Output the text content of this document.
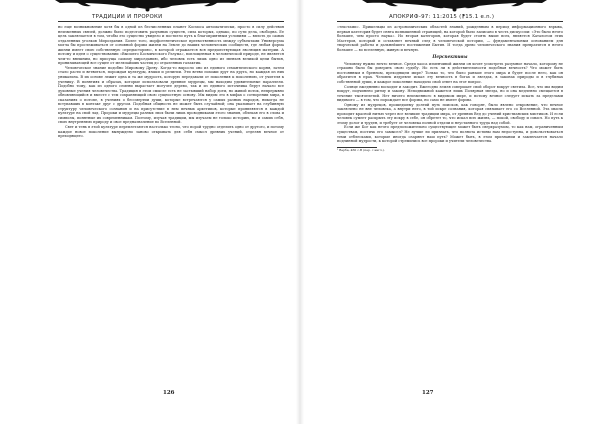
ТРАДИЦИИ И ПРОРОКИ

но еще возникновение хотя бы в одной из бесчисленных планет Космоса автоматически, просто в силу действия неизменных связей, должно было подготовить разумных существ, сила которых, однако, по сути дела, свободна. Ее цель заключается в том, чтобы это существо увидело и постигло путь к благоприятным условиям — вплоть до самых отдаленных уголков Мироздания. Более того, морфогенетическое преемственность между субъектами Универсума могла бы прослеживаться от основной формы жизни на Земле до наших человеческих сообществ, где любая форма жизни имеет свою собственную «предысторию», в которой отражается вся предшествующая эволюция материи. А потому и идея о существовании «Высшего Космического Разума», воплощенная в человеческой природе, не является чем-то внешним, но присуща самому мирозданию, ибо человек есть лишь одно из звеньев великой цепи бытия, пронизывающей все сущее от мельчайших частиц до отдаленных галактик.

Человеческое знание подобно Мировому Древу. Когда-то выросло оно из единого семантического корня, затем стало расти и ветвиться, порождая культуры, языки и религии. Эти ветви похожи друг на друга, но каждая из них уникальна. В их основе лежит одна и та же мудрость, которую передавали от поколения к поколению, от учителя к ученику. В понятиях и образах, которые использовали древние мудрецы, мы находим удивительные параллели. Подобно тому, как из одного семени вырастает могучее дерево, так и из единого источника берут начало все духовные учения человечества. Традиция в этом смысле есть не застывший набор догм, но живой поток, непрерывно обновляющийся и вместе с тем сохраняющий свою сущностную основу. Мы видим это в мифах о сотворении мира, в сказаниях о потопе, в учениях о бессмертии души, которые встречаются у самых разных народов, никогда не вступавших в контакт друг с другом. Подобная общность не может быть случайной; она указывает на глубинную структуру человеческого сознания и на присутствие в нем вечных архетипов, которые проявляются в каждой культуре на свой лад. Пророки и мудрецы разных эпох были лишь проводниками этого знания, облекая его в слова и символы, понятные их современникам. Поэтому, изучая традиции, мы изучаем не только историю, но и самих себя, свою внутреннюю природу и свое предназначение во Вселенной.

Свет и тень в этой культуре переплетаются настолько тесно, что порой трудно отделить одно от другого, и потому каждое новое поколение вынуждено заново открывать для себя смысл древних учений, отделяя вечное от преходящего.

126
АПОКРИФ-97: 11:2015 (⁋15.1 e.n.)

«текстами». Пришельцы из астрономических областей знаний, рожденным в период информационного взрыва, первая категория будет снята возвышенной страницей, на которой было записано в честь дискуссии: «Это было нечто большее, чем просто наука». Но вторая категория, которая будет стоять выше всех, является Каталогом этих Мастеров, который и оставляет вечный след в человеческой истории, — фундаментальным основанием для творческой работы и дальнейшего постижения Бытия. И тогда древо человеческого знания превратится в нечто большее — во вселенную, живую и вечную.

Перспективы

Человеку нужно нечто вечное. Среди хаоса изменчивой жизни он хочет усмотреть разумное начало, которому не страшно было бы доверить свою судьбу. Но есть ли в действительности подобная вечность? Что может быть постоянным в бренном, преходящем мире? Только то, что было раньше этого мира и будет после него, как он обратится в прах. Человек издревле искал эту вечность в богах и звездах, в законах природы и в глубинах собственной души, и каждое поколение находило свой ответ на этот вопрос.

Солнце ежедневно восходит и заходит. Ежегодно земля совершает свой оборот вокруг светила. Все, что мы видим вокруг, подчинено ритму и закону. Неподвижной кажется лишь Полярная звезда, но и она медленно смещается в течение тысячелетий. Нет ничего неизменного в видимом мире, и потому вечное следует искать за пределами видимого — в том, что порождает все формы, но само не имеет формы.

Одному из мудрецов, прошедшему долгий путь поисков, как говорят, было явлено откровение, что вечное заключено не вне человека, а внутри него, в той искре сознания, которая связывает его со Вселенной. Эта мысль проходит красной нитью через все великие традиции мира, от древних Вед до учений христианских мистиков. И если человек сумеет раскрыть эту искру в себе, он обретет то, что искал всю жизнь, — покой, свободу и смысл. Но путь к этому долог и труден, и требует от человека полной отдачи и неустанного труда над собой.

Если же Бог как нечто предположительно существующее может быть сверхразумом, то как нам, ограниченным существам, постичь его замысел? Не лучше ли признать, что полнота истины нам недоступна, и довольствоваться теми отблесками, которые иногда озаряют наш путь? Может быть, в этом признании и заключается начало подлинной мудрости, к которой стремились все пророки и учители человечества.

¹ Верба, 460 с.В (пер. с англ.).

127
